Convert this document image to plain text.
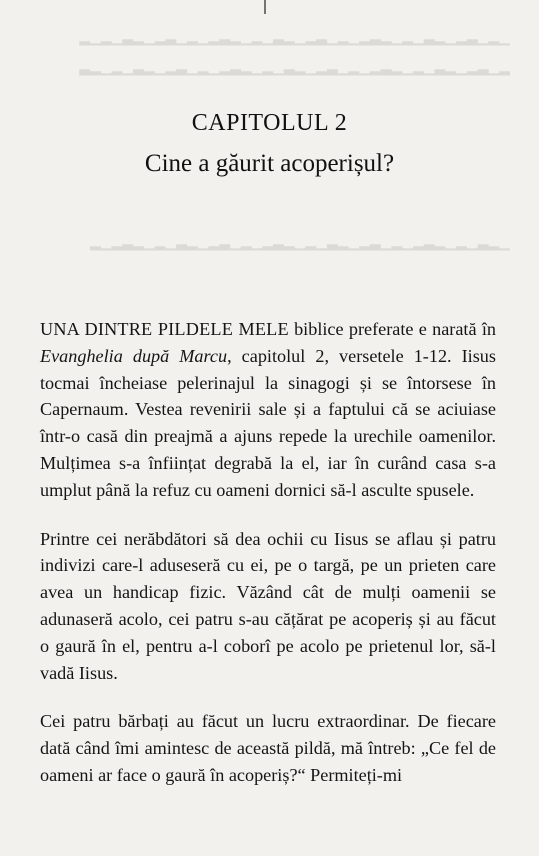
▁▂▁▃▂▁▂▃▁▂▁▂▃▂▁▂▁▃▂▁▂▃▁▂▁▂▃▂▁▂▁▃▂▁▂▃▁▂▁▂
▂▁▃▂▁▂▃▁▂▁▂▃▂▁▂▁▃▂▁▂▃▁▂▁▂▃▂▁▂▁▃▂▁▂▃▁▂▁▂▃
▁▂▃▁▂▁▂▃▂▁▂▁▃▂▁▂▃▁▂▁▂▃▂▁▂▁▃▂▁▂▃▁▂▁▂▃▂▁▂
CAPITOLUL 2
Cine a găurit acoperișul?

UNA DINTRE PILDELE MELE biblice preferate e narată în Evanghelia după Marcu, capitolul 2, versetele 1-12. Iisus tocmai încheiase pelerinajul la sinagogi și se întorsese în Capernaum. Vestea revenirii sale și a faptului că se aciuiase într-o casă din preajmă a ajuns repede la urechile oamenilor. Mulțimea s-a înființat degrabă la el, iar în curând casa s-a umplut până la refuz cu oameni dornici să-l asculte spusele.

Printre cei nerăbdători să dea ochii cu Iisus se aflau și patru indivizi care-l aduseseră cu ei, pe o targă, pe un prieten care avea un handicap fizic. Văzând cât de mulți oamenii se adunaseră acolo, cei patru s-au cățărat pe acoperiș și au făcut o gaură în el, pentru a-l coborî pe acolo pe prietenul lor, să-l vadă Iisus.

Cei patru bărbați au făcut un lucru extraordinar. De fiecare dată când îmi amintesc de această pildă, mă întreb: „Ce fel de oameni ar face o gaură în acoperiș?“ Permiteți-mi
